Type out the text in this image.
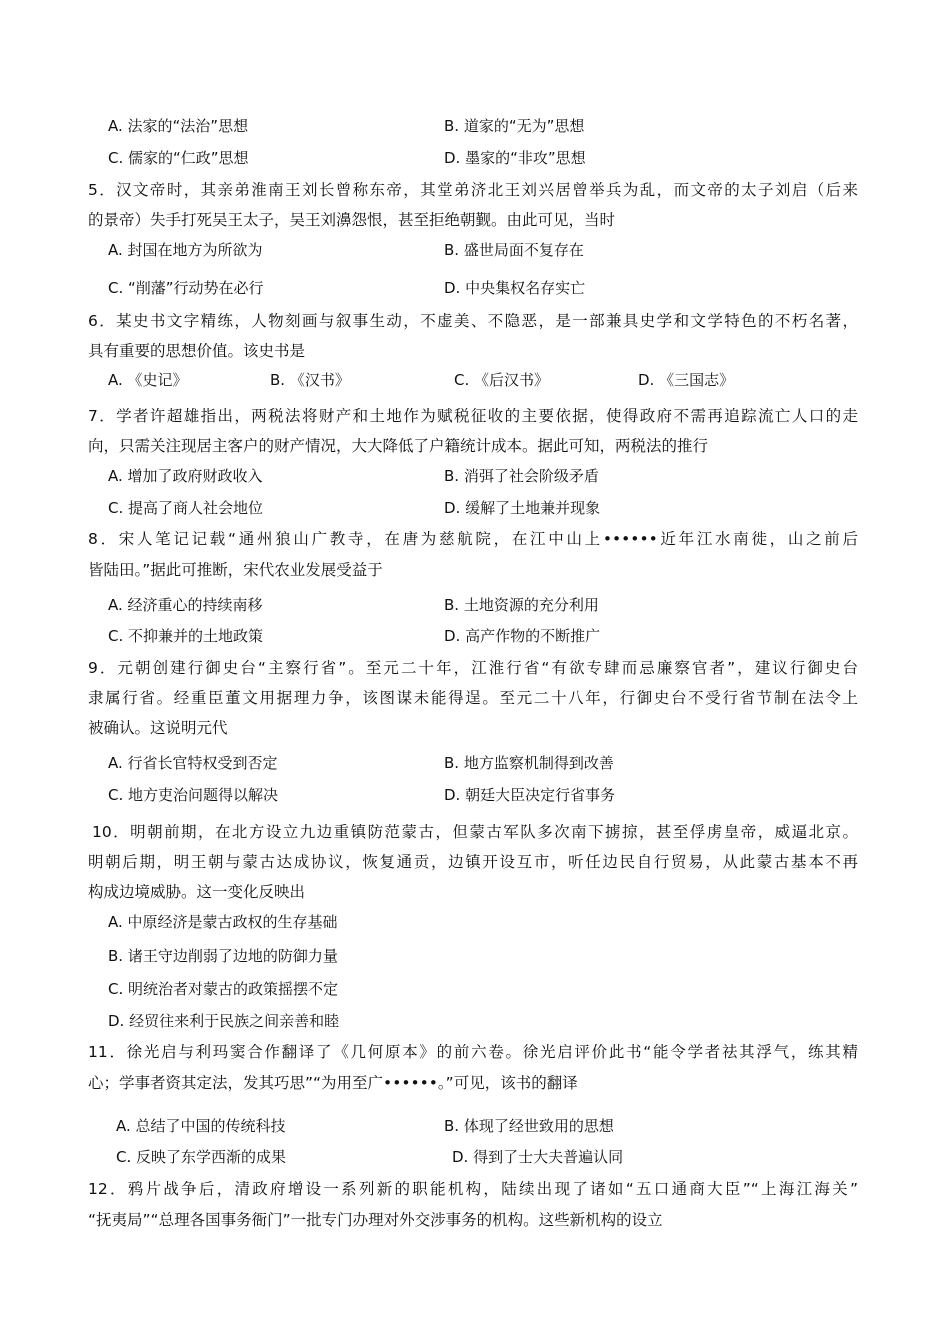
A. 法家的“法治”思想	B. 道家的“无为”思想
C. 儒家的“仁政”思想	D. 墨家的“非攻”思想
5．汉文帝时，其亲弟淮南王刘长曾称东帝，其堂弟济北王刘兴居曾举兵为乱，而文帝的太子刘启（后来
的景帝）失手打死吴王太子，吴王刘濞怨恨，甚至拒绝朝觐。由此可见，当时
A. 封国在地方为所欲为	B. 盛世局面不复存在
C. “削藩”行动势在必行	D. 中央集权名存实亡
6．某史书文字精练，人物刻画与叙事生动，不虚美、不隐恶，是一部兼具史学和文学特色的不朽名著，
具有重要的思想价值。该史书是
A. 《史记》	B. 《汉书》	C. 《后汉书》	D. 《三国志》
7．学者许超雄指出，两税法将财产和土地作为赋税征收的主要依据，使得政府不需再追踪流亡人口的走
向，只需关注现居主客户的财产情况，大大降低了户籍统计成本。据此可知，两税法的推行
A. 增加了政府财政收入	B. 消弭了社会阶级矛盾
C. 提高了商人社会地位	D. 缓解了土地兼并现象
8．宋人笔记记载“通州狼山广教寺，在唐为慈航院，在江中山上••••••近年江水南徙，山之前后
皆陆田。”据此可推断，宋代农业发展受益于
A. 经济重心的持续南移	B. 土地资源的充分利用
C. 不抑兼并的土地政策	D. 高产作物的不断推广
9．元朝创建行御史台“主察行省”。至元二十年，江淮行省“有欲专肆而忌廉察官者”，建议行御史台
隶属行省。经重臣董文用据理力争，该图谋未能得逞。至元二十八年，行御史台不受行省节制在法令上
被确认。这说明元代
A. 行省长官特权受到否定	B. 地方监察机制得到改善
C. 地方吏治问题得以解决	D. 朝廷大臣决定行省事务
10．明朝前期，在北方设立九边重镇防范蒙古，但蒙古军队多次南下掳掠，甚至俘虏皇帝，威逼北京。
明朝后期，明王朝与蒙古达成协议，恢复通贡，边镇开设互市，听任边民自行贸易，从此蒙古基本不再
构成边境威胁。这一变化反映出
A. 中原经济是蒙古政权的生存基础
B. 诸王守边削弱了边地的防御力量
C. 明统治者对蒙古的政策摇摆不定
D. 经贸往来利于民族之间亲善和睦
11．徐光启与利玛窦合作翻译了《几何原本》的前六卷。徐光启评价此书“能令学者祛其浮气，练其精
心；学事者资其定法，发其巧思”“为用至广••••••。”可见，该书的翻译
A. 总结了中国的传统科技	B. 体现了经世致用的思想
C. 反映了东学西渐的成果	D. 得到了士大夫普遍认同
12．鸦片战争后，清政府增设一系列新的职能机构，陆续出现了诸如“五口通商大臣”“上海江海关”
“抚夷局”“总理各国事务衙门”一批专门办理对外交涉事务的机构。这些新机构的设立
